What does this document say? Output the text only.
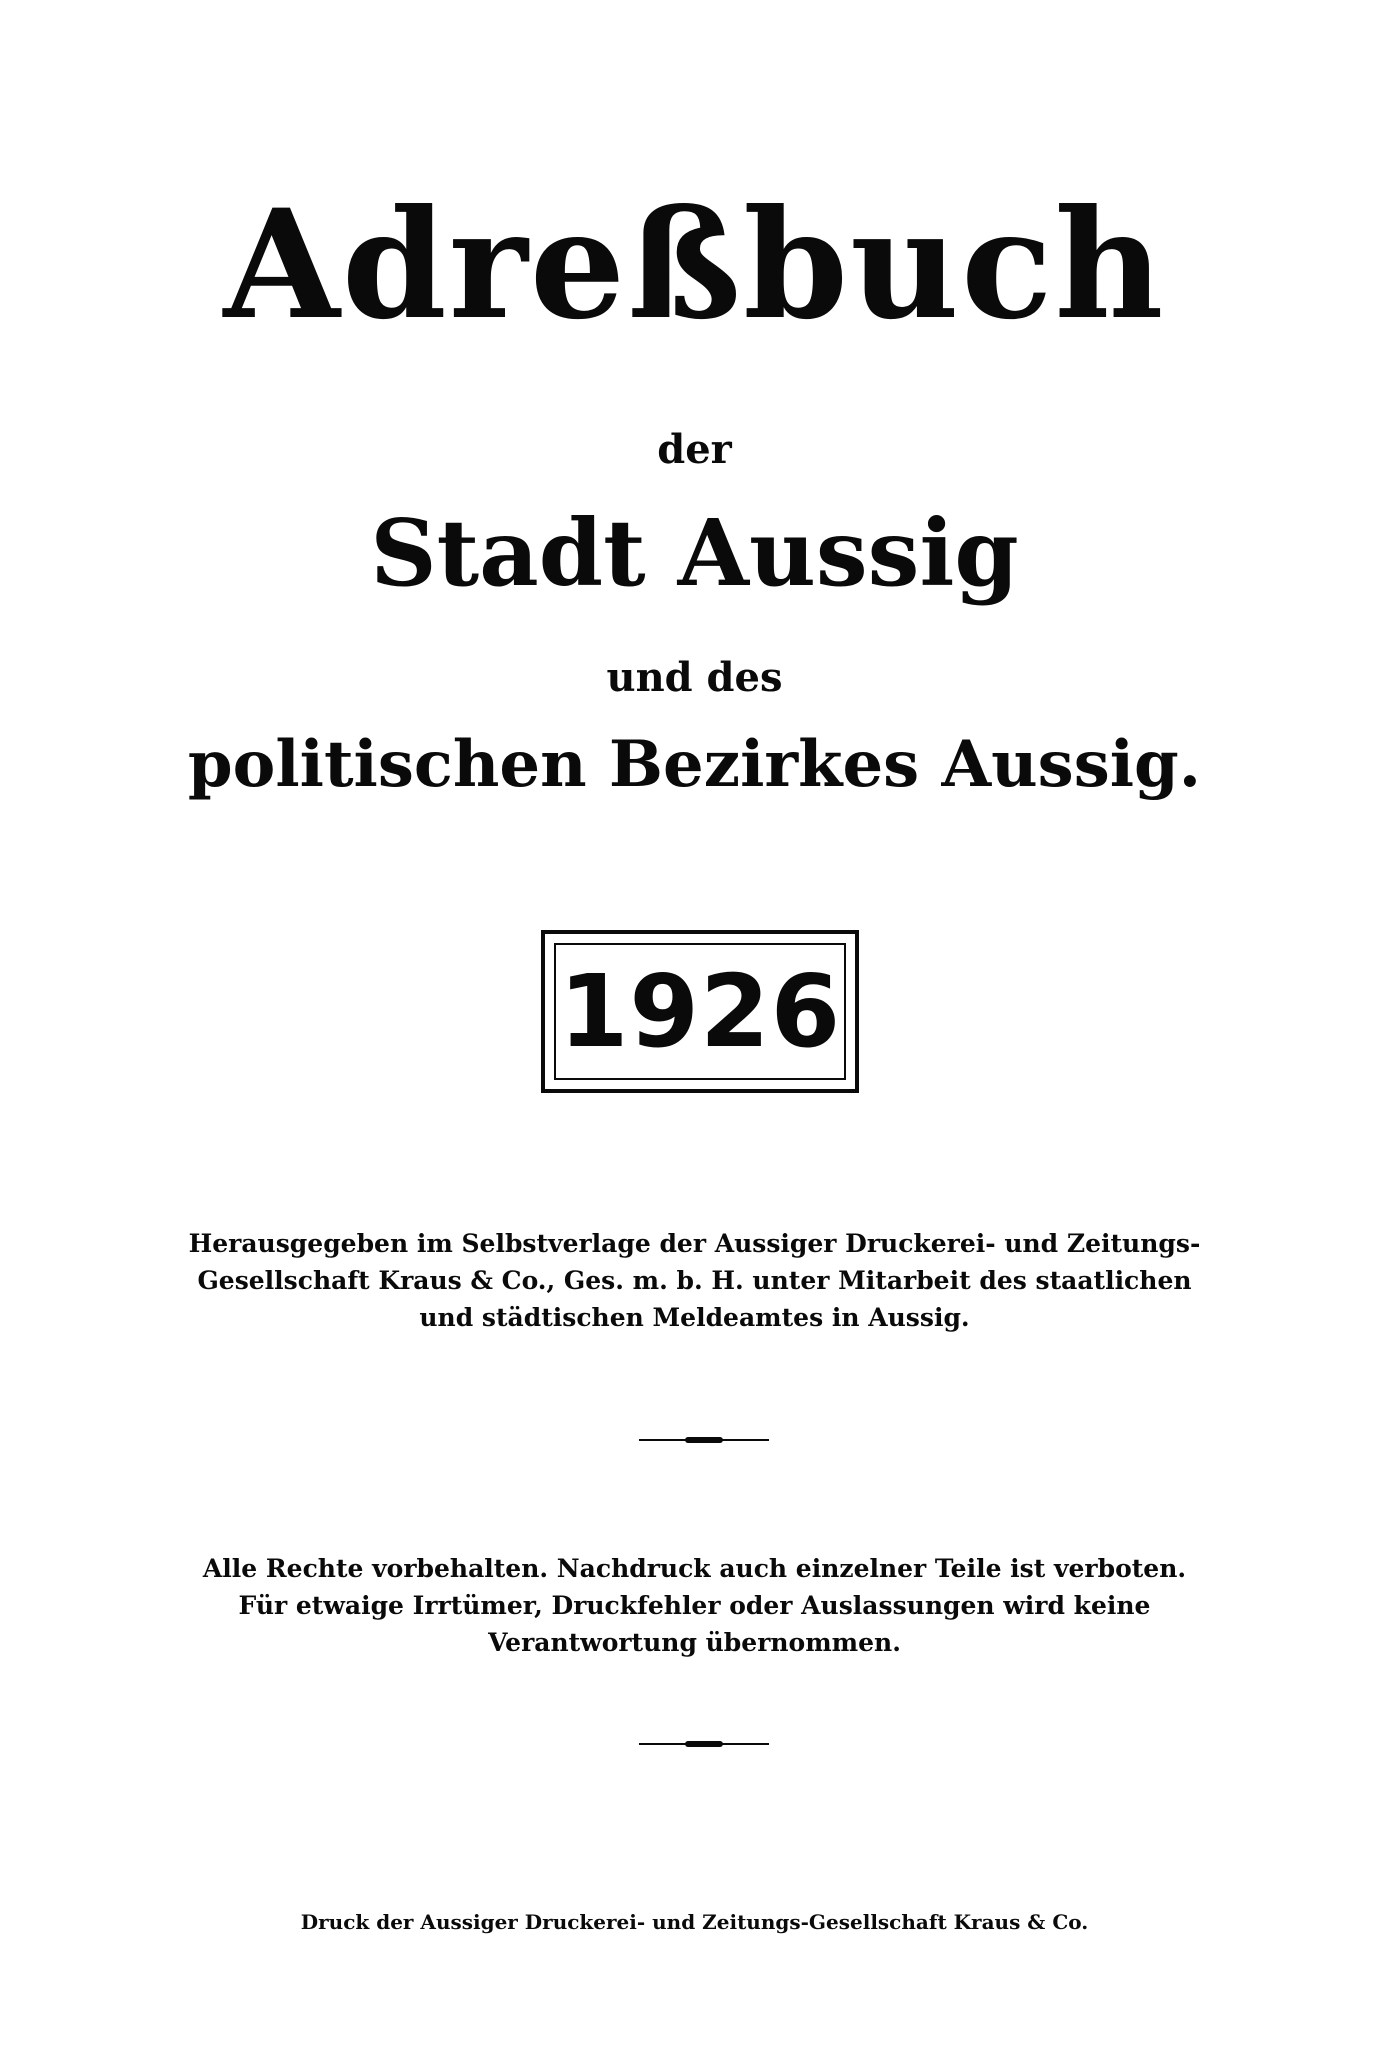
Adreßbuch
der
Stadt Aussig
und des
politischen Bezirkes Aussig.
1926
Herausgegeben im Selbstverlage der Aussiger Druckerei- und Zeitungs-
Gesellschaft Kraus & Co., Ges. m. b. H. unter Mitarbeit des staatlichen
und städtischen Meldeamtes in Aussig.
Alle Rechte vorbehalten. Nachdruck auch einzelner Teile ist verboten.
Für etwaige Irrtümer, Druckfehler oder Auslassungen wird keine
Verantwortung übernommen.
Druck der Aussiger Druckerei- und Zeitungs-Gesellschaft Kraus & Co.
